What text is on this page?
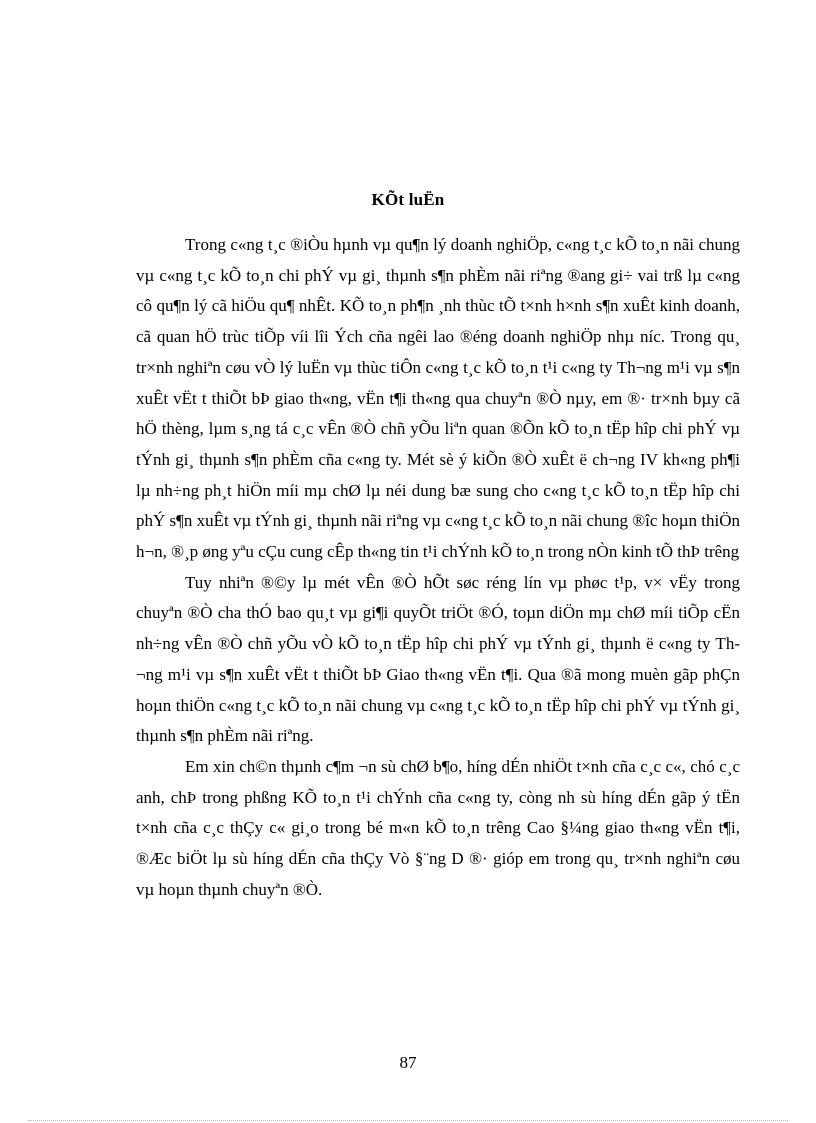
KÕt luËn

Trong c«ng t¸c ®iÒu hµnh vµ qu¶n lý doanh nghiÖp, c«ng t¸c kÕ to¸n nãi chung vµ c«ng t¸c kÕ to¸n chi phÝ vµ gi¸ thµnh s¶n phÈm nãi riªng ®ang gi÷ vai trß lµ c«ng cô qu¶n lý cã hiÖu qu¶ nhÊt. KÕ to¸n ph¶n ¸nh thùc tÕ t×nh h×nh s¶n xuÊt kinh doanh, cã quan hÖ trùc tiÕp víi lîi Ých cña ngêi lao ®éng doanh nghiÖp nhµ níc. Trong qu¸ tr×nh nghiªn cøu vÒ lý luËn vµ thùc tiÔn c«ng t¸c kÕ to¸n t¹i c«ng ty Th¬ng m¹i vµ s¶n xuÊt vËt t thiÕt bÞ giao th«ng, vËn t¶i th«ng qua chuyªn ®Ò nµy, em ®· tr×nh bµy cã hÖ thèng, lµm s¸ng tá c¸c vÊn ®Ò chñ yÕu liªn quan ®Õn kÕ to¸n tËp hîp chi phÝ vµ tÝnh gi¸ thµnh s¶n phÈm cña c«ng ty. Mét sè ý kiÕn ®Ò xuÊt ë ch¬ng IV kh«ng ph¶i lµ nh÷ng ph¸t hiÖn míi mµ chØ lµ néi dung bæ sung cho c«ng t¸c kÕ to¸n tËp hîp chi phÝ s¶n xuÊt vµ tÝnh gi¸ thµnh nãi riªng vµ c«ng t¸c kÕ to¸n nãi chung ®îc hoµn thiÖn h¬n, ®¸p øng yªu cÇu cung cÊp th«ng tin t¹i chÝnh kÕ to¸n trong nÒn kinh tÕ thÞ trêng

Tuy nhiªn ®©y lµ mét vÊn ®Ò hÕt søc réng lín vµ phøc t¹p, v× vËy trong chuyªn ®Ò cha thÓ bao qu¸t vµ gi¶i quyÕt triÖt ®Ó, toµn diÖn mµ chØ míi tiÕp cËn nh÷ng vÊn ®Ò chñ yÕu vÒ kÕ to¸n tËp hîp chi phÝ vµ tÝnh gi¸ thµnh ë c«ng ty Th¬ng m¹i vµ s¶n xuÊt vËt t thiÕt bÞ Giao th«ng vËn t¶i. Qua ®ã mong muèn gãp phÇn hoµn thiÖn c«ng t¸c kÕ to¸n nãi chung vµ c«ng t¸c kÕ to¸n tËp hîp chi phÝ vµ tÝnh gi¸ thµnh s¶n phÈm nãi riªng.

Em xin ch©n thµnh c¶m ¬n sù chØ b¶o, híng dÉn nhiÖt t×nh cña c¸c c«, chó c¸c anh, chÞ trong phßng KÕ to¸n t¹i chÝnh cña c«ng ty, còng nh sù híng dÉn gãp ý tËn t×nh cña c¸c thÇy c« gi¸o trong bé m«n kÕ to¸n trêng Cao §¼ng giao th«ng vËn t¶i, ®Æc biÖt lµ sù híng dÉn cña thÇy Vò §¨ng D ®· gióp em trong qu¸ tr×nh nghiªn cøu vµ hoµn thµnh chuyªn ®Ò.

87
